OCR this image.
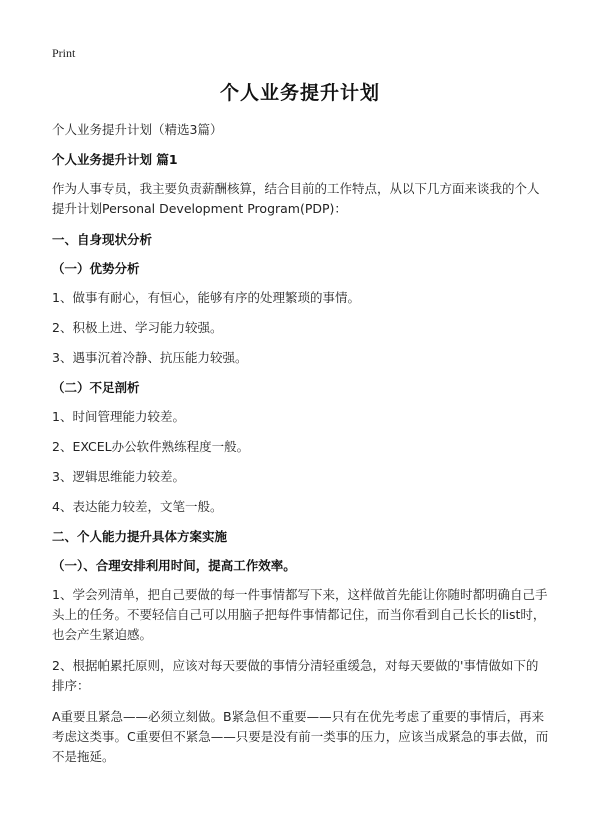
Print
个人业务提升计划

个人业务提升计划（精选3篇）

个人业务提升计划 篇1

作为人事专员，我主要负责薪酬核算，结合目前的工作特点，从以下几方面来谈我的个人提升计划Personal Development Program(PDP)：

一、自身现状分析

（一）优势分析

1、做事有耐心，有恒心，能够有序的处理繁琐的事情。

2、积极上进、学习能力较强。

3、遇事沉着冷静、抗压能力较强。

（二）不足剖析

1、时间管理能力较差。

2、EXCEL办公软件熟练程度一般。

3、逻辑思维能力较差。

4、表达能力较差，文笔一般。

二、个人能力提升具体方案实施

（一）、合理安排利用时间，提高工作效率。

1、学会列清单，把自己要做的每一件事情都写下来，这样做首先能让你随时都明确自己手头上的任务。不要轻信自己可以用脑子把每件事情都记住，而当你看到自己长长的list时，也会产生紧迫感。

2、根据帕累托原则，应该对每天要做的事情分清轻重缓急，对每天要做的'事情做如下的排序：

A重要且紧急——必须立刻做。B紧急但不重要——只有在优先考虑了重要的事情后，再来考虑这类事。C重要但不紧急——只要是没有前一类事的压力，应该当成紧急的事去做，而不是拖延。
